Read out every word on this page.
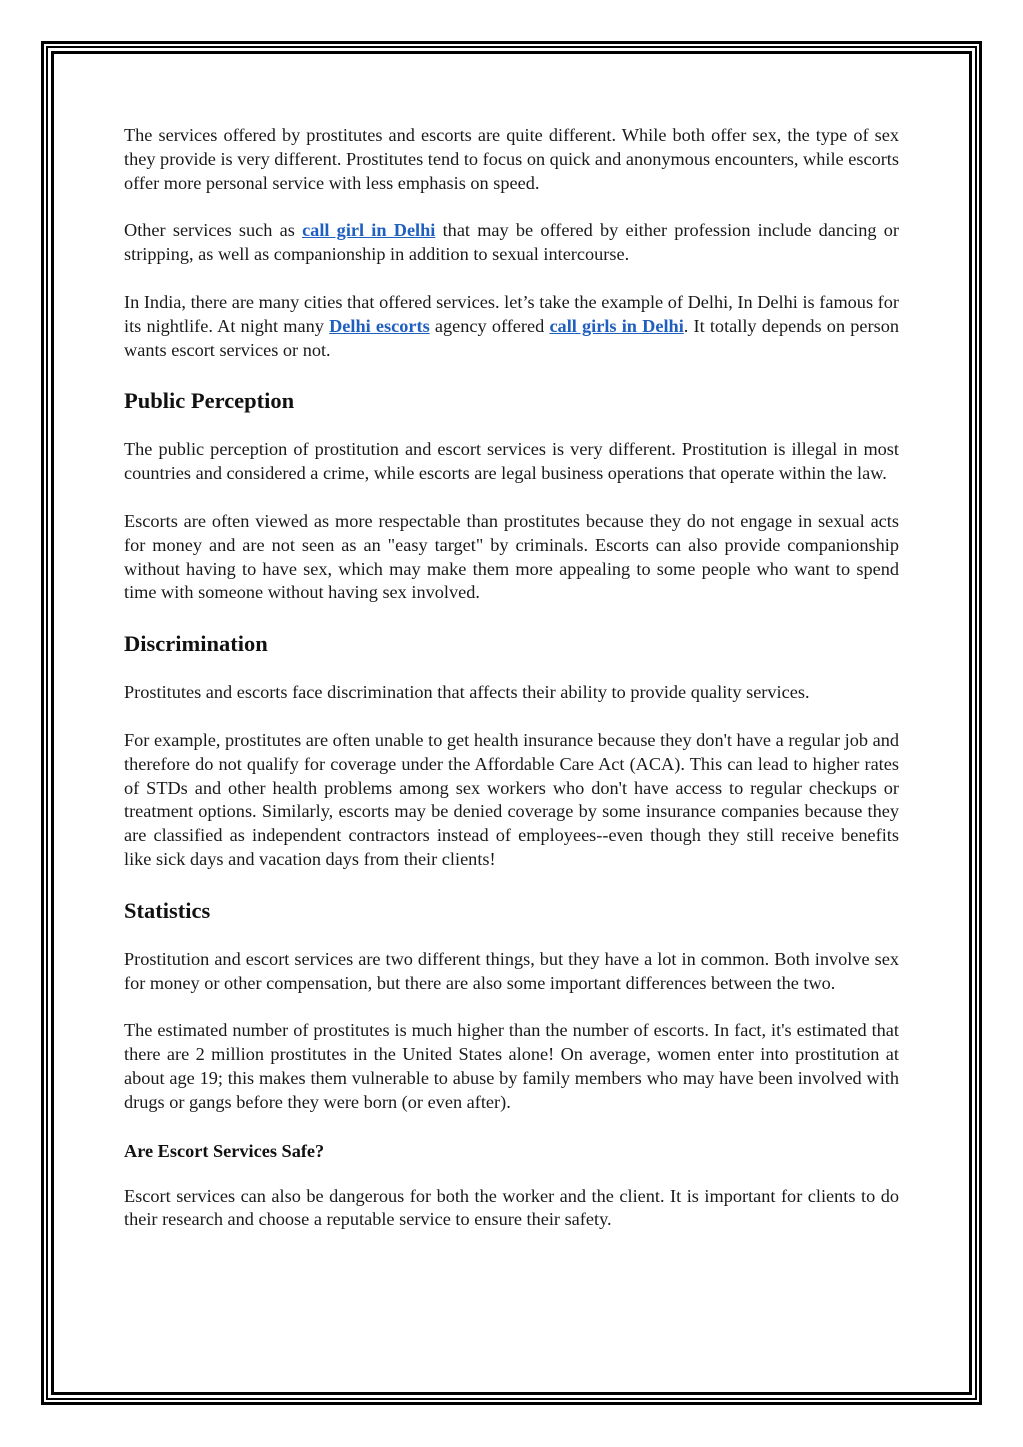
The services offered by prostitutes and escorts are quite different. While both offer sex, the type of sex they provide is very different. Prostitutes tend to focus on quick and anonymous encounters, while escorts offer more personal service with less emphasis on speed.

Other services such as call girl in Delhi that may be offered by either profession include dancing or stripping, as well as companionship in addition to sexual intercourse.

In India, there are many cities that offered services. let’s take the example of Delhi, In Delhi is famous for its nightlife. At night many Delhi escorts agency offered call girls in Delhi. It totally depends on person wants escort services or not.

Public Perception

The public perception of prostitution and escort services is very different. Prostitution is illegal in most countries and considered a crime, while escorts are legal business operations that operate within the law.

Escorts are often viewed as more respectable than prostitutes because they do not engage in sexual acts for money and are not seen as an "easy target" by criminals. Escorts can also provide companionship without having to have sex, which may make them more appealing to some people who want to spend time with someone without having sex involved.

Discrimination

Prostitutes and escorts face discrimination that affects their ability to provide quality services.

For example, prostitutes are often unable to get health insurance because they don't have a regular job and therefore do not qualify for coverage under the Affordable Care Act (ACA). This can lead to higher rates of STDs and other health problems among sex workers who don't have access to regular checkups or treatment options. Similarly, escorts may be denied coverage by some insurance companies because they are classified as independent contractors instead of employees--even though they still receive benefits like sick days and vacation days from their clients!

Statistics

Prostitution and escort services are two different things, but they have a lot in common. Both involve sex for money or other compensation, but there are also some important differences between the two.

The estimated number of prostitutes is much higher than the number of escorts. In fact, it's estimated that there are 2 million prostitutes in the United States alone! On average, women enter into prostitution at about age 19; this makes them vulnerable to abuse by family members who may have been involved with drugs or gangs before they were born (or even after).

Are Escort Services Safe?

Escort services can also be dangerous for both the worker and the client. It is important for clients to do their research and choose a reputable service to ensure their safety.
